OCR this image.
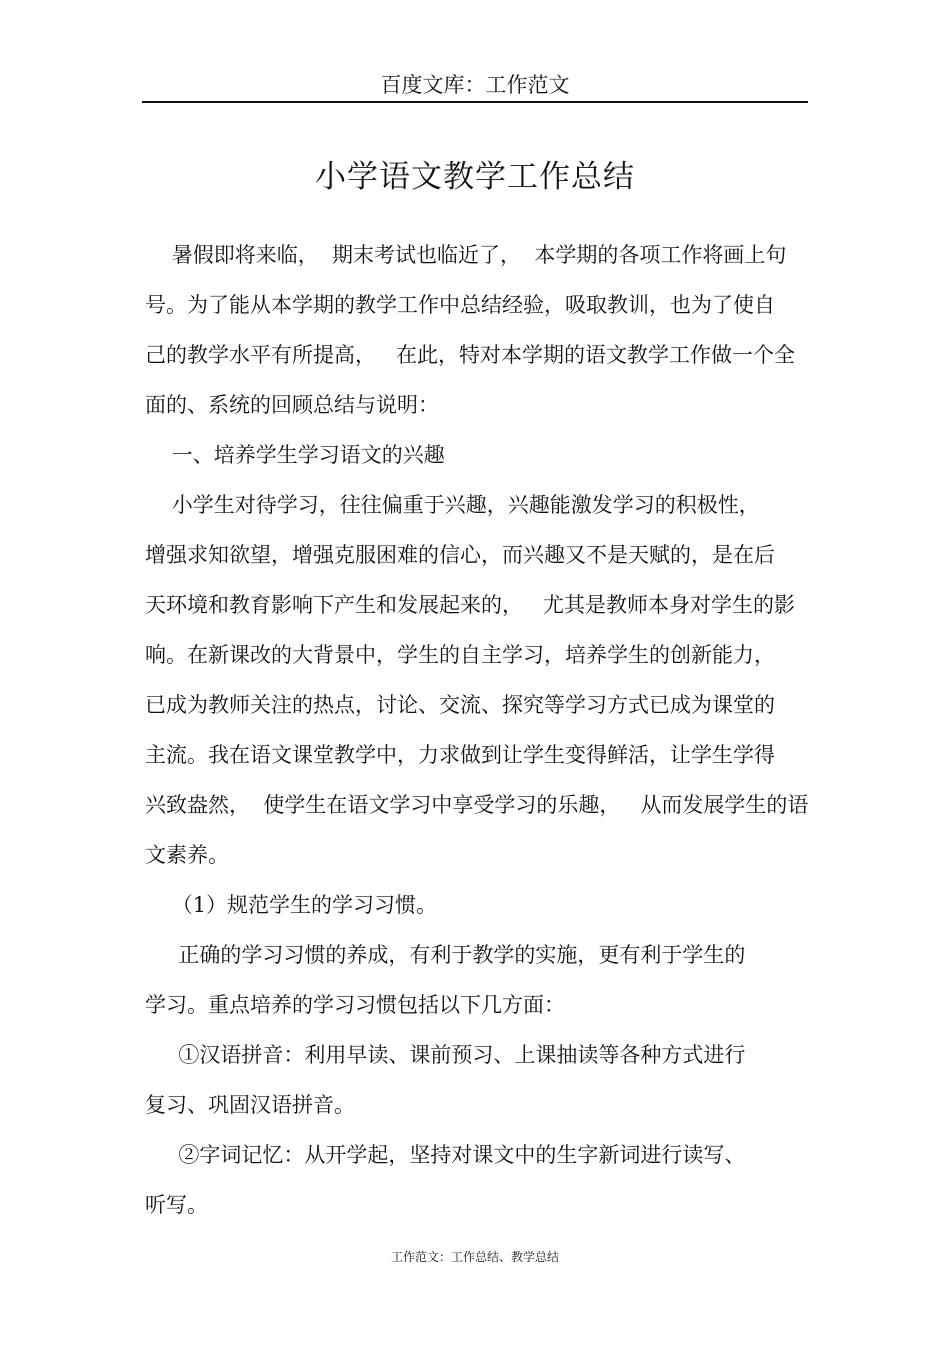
百度文库：工作范文
小学语文教学工作总结
暑假即将来临，  期末考试也临近了，  本学期的各项工作将画上句
号。为了能从本学期的教学工作中总结经验，吸取教训，也为了使自
己的教学水平有所提高，   在此，特对本学期的语文教学工作做一个全
面的、系统的回顾总结与说明：
一、培养学生学习语文的兴趣
小学生对待学习，往往偏重于兴趣，兴趣能激发学习的积极性，
增强求知欲望，增强克服困难的信心，而兴趣又不是天赋的，是在后
天环境和教育影响下产生和发展起来的，   尤其是教师本身对学生的影
响。在新课改的大背景中，学生的自主学习，培养学生的创新能力，
已成为教师关注的热点，讨论、交流、探究等学习方式已成为课堂的
主流。我在语文课堂教学中，力求做到让学生变得鲜活，让学生学得
兴致盎然，  使学生在语文学习中享受学习的乐趣，   从而发展学生的语
文素养。
（1）规范学生的学习习惯。
正确的学习习惯的养成，有利于教学的实施，更有利于学生的
学习。重点培养的学习习惯包括以下几方面：
①汉语拼音：利用早读、课前预习、上课抽读等各种方式进行
复习、巩固汉语拼音。
②字词记忆：从开学起，坚持对课文中的生字新词进行读写、
听写。
工作范文：工作总结、教学总结
